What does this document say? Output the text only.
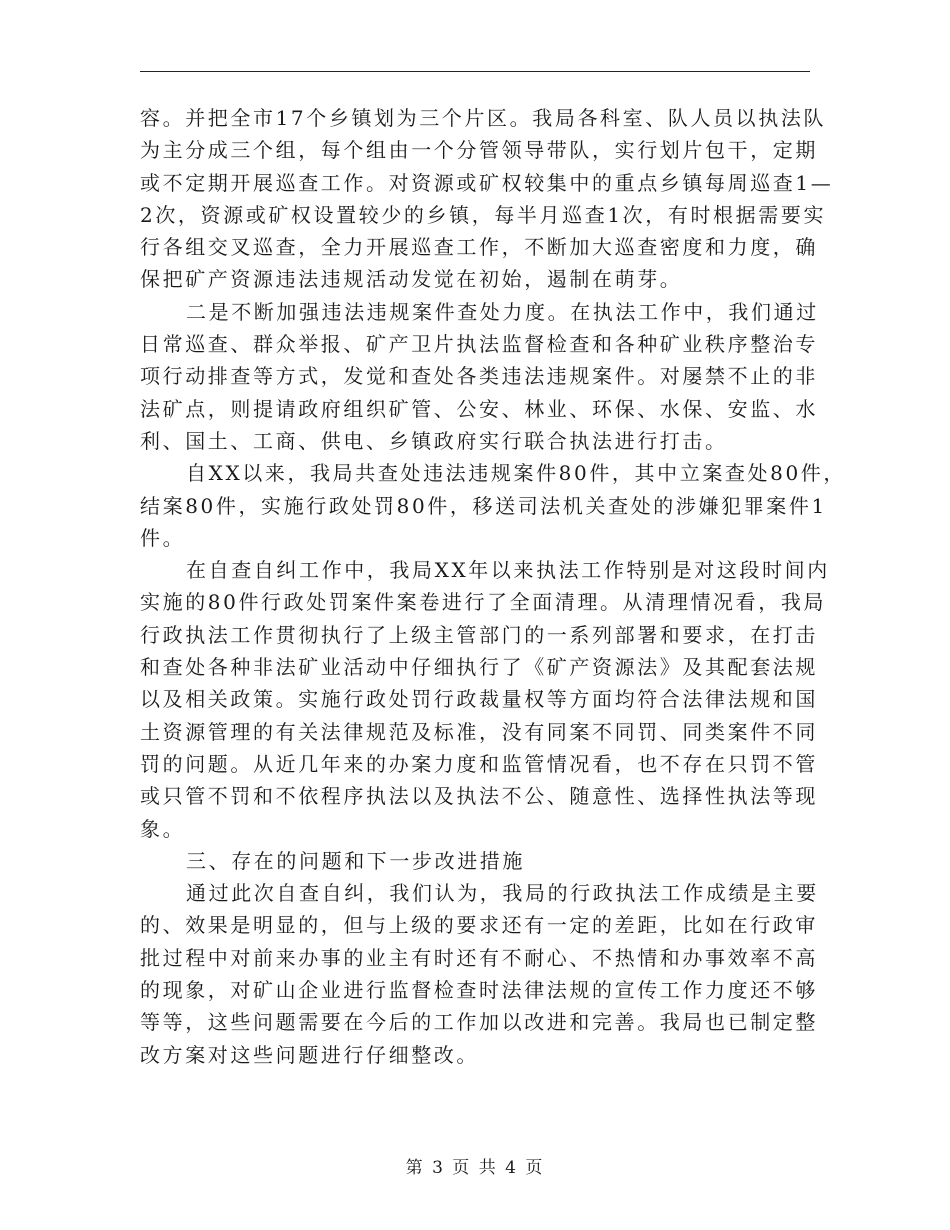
容。并把全市17个乡镇划为三个片区。我局各科室、队人员以执法队
为主分成三个组，每个组由一个分管领导带队，实行划片包干，定期
或不定期开展巡查工作。对资源或矿权较集中的重点乡镇每周巡查1—
2次，资源或矿权设置较少的乡镇，每半月巡查1次，有时根据需要实
行各组交叉巡查，全力开展巡查工作，不断加大巡查密度和力度，确
保把矿产资源违法违规活动发觉在初始，遏制在萌芽。
二是不断加强违法违规案件查处力度。在执法工作中，我们通过
日常巡查、群众举报、矿产卫片执法监督检查和各种矿业秩序整治专
项行动排查等方式，发觉和查处各类违法违规案件。对屡禁不止的非
法矿点，则提请政府组织矿管、公安、林业、环保、水保、安监、水
利、国土、工商、供电、乡镇政府实行联合执法进行打击。
自XX以来，我局共查处违法违规案件80件，其中立案查处80件，
结案80件，实施行政处罚80件，移送司法机关查处的涉嫌犯罪案件1
件。
在自查自纠工作中，我局XX年以来执法工作特别是对这段时间内
实施的80件行政处罚案件案卷进行了全面清理。从清理情况看，我局
行政执法工作贯彻执行了上级主管部门的一系列部署和要求，在打击
和查处各种非法矿业活动中仔细执行了《矿产资源法》及其配套法规
以及相关政策。实施行政处罚行政裁量权等方面均符合法律法规和国
土资源管理的有关法律规范及标准，没有同案不同罚、同类案件不同
罚的问题。从近几年来的办案力度和监管情况看，也不存在只罚不管
或只管不罚和不依程序执法以及执法不公、随意性、选择性执法等现
象。
三、存在的问题和下一步改进措施
通过此次自查自纠，我们认为，我局的行政执法工作成绩是主要
的、效果是明显的，但与上级的要求还有一定的差距，比如在行政审
批过程中对前来办事的业主有时还有不耐心、不热情和办事效率不高
的现象，对矿山企业进行监督检查时法律法规的宣传工作力度还不够
等等，这些问题需要在今后的工作加以改进和完善。我局也已制定整
改方案对这些问题进行仔细整改。
第 3 页 共 4 页
